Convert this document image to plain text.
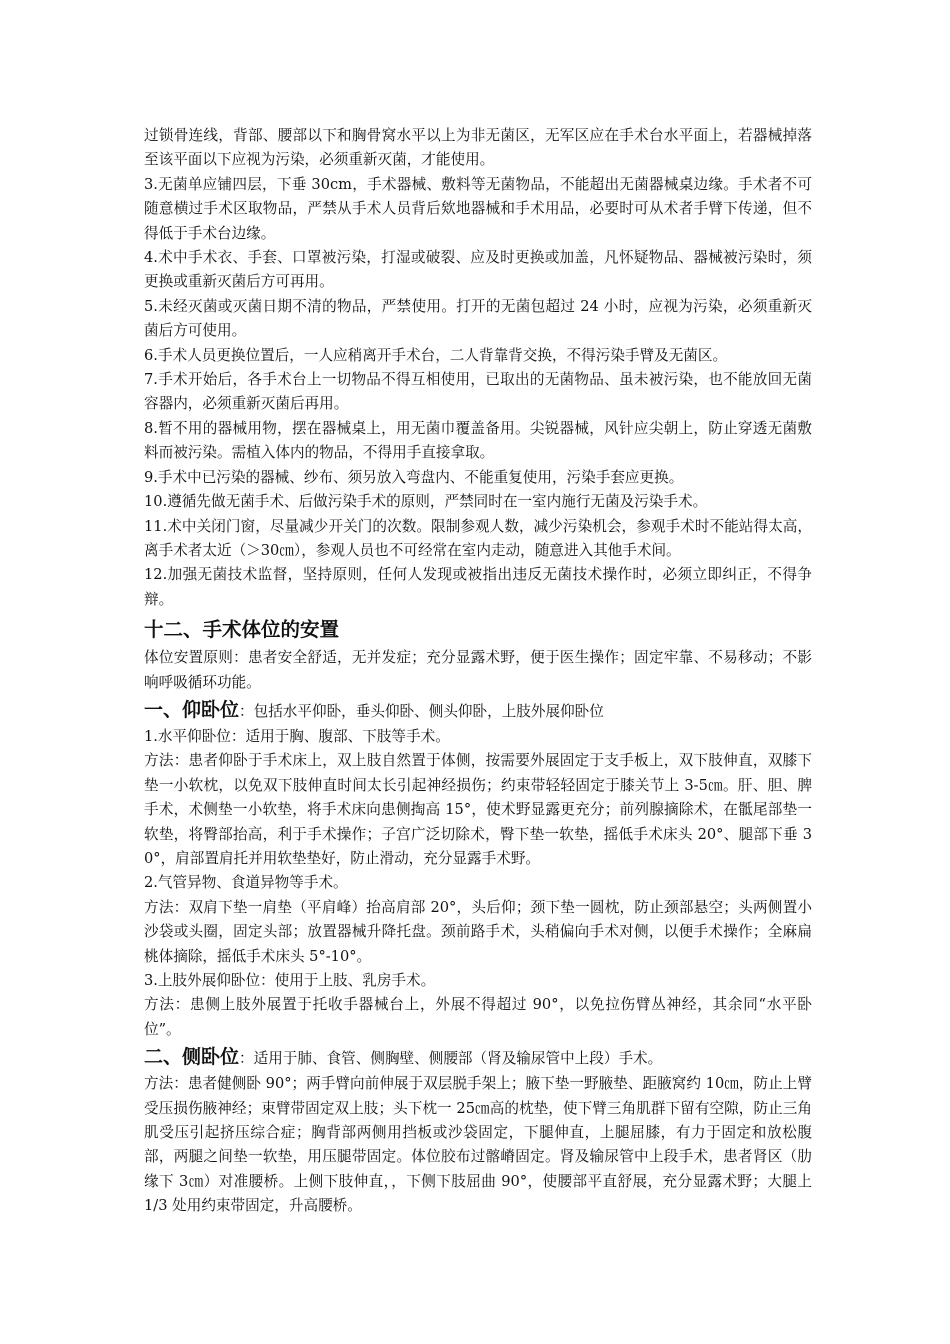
过锁骨连线，背部、腰部以下和胸骨窝水平以上为非无菌区，无军区应在手术台水平面上，若器械掉落至该平面以下应视为污染，必须重新灭菌，才能使用。

3.无菌单应铺四层，下垂 30cm，手术器械、敷料等无菌物品，不能超出无菌器械桌边缘。手术者不可随意横过手术区取物品，严禁从手术人员背后欸地器械和手术用品，必要时可从术者手臂下传递，但不得低于手术台边缘。

4.术中手术衣、手套、口罩被污染，打湿或破裂、应及时更换或加盖，凡怀疑物品、器械被污染时，须更换或重新灭菌后方可再用。

5.未经灭菌或灭菌日期不清的物品，严禁使用。打开的无菌包超过 24 小时，应视为污染，必须重新灭菌后方可使用。

6.手术人员更换位置后，一人应稍离开手术台，二人背靠背交换，不得污染手臂及无菌区。

7.手术开始后，各手术台上一切物品不得互相使用，已取出的无菌物品、虽未被污染，也不能放回无菌容器内，必须重新灭菌后再用。

8.暂不用的器械用物，摆在器械桌上，用无菌巾覆盖备用。尖锐器械，风针应尖朝上，防止穿透无菌敷料而被污染。需植入体内的物品，不得用手直接拿取。

9.手术中已污染的器械、纱布、须另放入弯盘内、不能重复使用，污染手套应更换。

10.遵循先做无菌手术、后做污染手术的原则，严禁同时在一室内施行无菌及污染手术。

11.术中关闭门窗，尽量减少开关门的次数。限制参观人数，减少污染机会，参观手术时不能站得太高，离手术者太近（＞30㎝），参观人员也不可经常在室内走动，随意进入其他手术间。

12.加强无菌技术监督，坚持原则，任何人发现或被指出违反无菌技术操作时，必须立即纠正，不得争辩。

十二、手术体位的安置

体位安置原则：患者安全舒适，无并发症；充分显露术野，便于医生操作；固定牢靠、不易移动；不影响呼吸循环功能。

一、仰卧位：包括水平仰卧，垂头仰卧、侧头仰卧，上肢外展仰卧位

1.水平仰卧位：适用于胸、腹部、下肢等手术。

方法：患者仰卧于手术床上，双上肢自然置于体侧，按需要外展固定于支手板上，双下肢伸直，双膝下垫一小软枕，以免双下肢伸直时间太长引起神经损伤；约束带轻轻固定于膝关节上 3-5㎝。肝、胆、脾手术，术侧垫一小软垫，将手术床向患侧掏高 15°，使术野显露更充分；前列腺摘除术，在骶尾部垫一软垫，将臀部抬高，利于手术操作；子宫广泛切除术，臀下垫一软垫，摇低手术床头 20°、腿部下垂 30°，肩部置肩托并用软垫垫好，防止滑动，充分显露手术野。

2.气管异物、食道异物等手术。

方法：双肩下垫一肩垫（平肩峰）抬高肩部 20°，头后仰；颈下垫一圆枕，防止颈部悬空；头两侧置小沙袋或头圈，固定头部；放置器械升降托盘。颈前路手术，头稍偏向手术对侧，以便手术操作；全麻扁桃体摘除，摇低手术床头 5°-10°。

3.上肢外展仰卧位：使用于上肢、乳房手术。

方法：患侧上肢外展置于托收手器械台上，外展不得超过 90°，以免拉伤臂丛神经，其余同“水平卧位”。

二、侧卧位：适用于肺、食管、侧胸壁、侧腰部（肾及输尿管中上段）手术。

方法：患者健侧卧 90°；两手臂向前伸展于双层脱手架上；腋下垫一野腋垫、距腋窝约 10㎝，防止上臂受压损伤腋神经；束臂带固定双上肢；头下枕一 25㎝高的枕垫，使下臂三角肌群下留有空隙，防止三角肌受压引起挤压综合症；胸背部两侧用挡板或沙袋固定，下腿伸直，上腿屈膝，有力于固定和放松腹部，两腿之间垫一软垫，用压腿带固定。体位胶布过髂嵴固定。肾及输尿管中上段手术，患者肾区（肋缘下 3㎝）对准腰桥。上侧下肢伸直，，下侧下肢屈曲 90°，使腰部平直舒展，充分显露术野；大腿上 1/3 处用约束带固定，升高腰桥。
